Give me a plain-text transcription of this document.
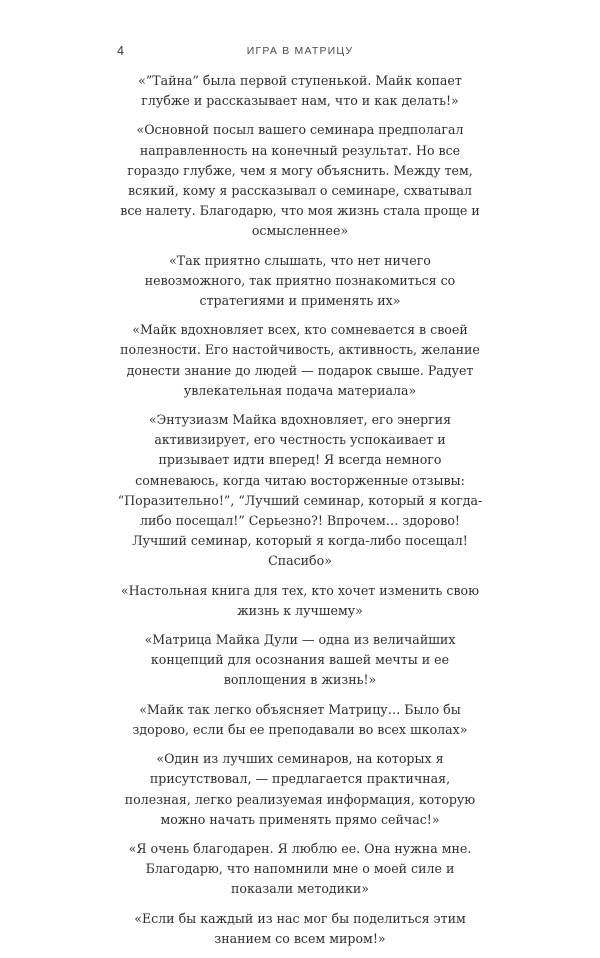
4	ИГРА В МАТРИЦУ

«”Тайна” была первой ступенькой. Майк копает глубже и рассказывает нам, что и как делать!»

«Основной посыл вашего семинара предполагал направленность на конечный результат. Но все гораздо глубже, чем я могу объяснить. Между тем, всякий, кому я рассказывал о семинаре, схватывал все налету. Благодарю, что моя жизнь стала проще и осмысленнее»

«Так приятно слышать, что нет ничего невозможного, так приятно познакомиться со стратегиями и применять их»

«Майк вдохновляет всех, кто сомневается в своей полезности. Его настойчивость, активность, желание донести знание до людей — подарок свыше. Радует увлекательная подача материала»

«Энтузиазм Майка вдохновляет, его энергия активизирует, его честность успокаивает и призывает идти вперед! Я всегда немного сомневаюсь, когда читаю восторженные отзывы: “Поразительно!”, “Лучший семинар, который я когда-либо посещал!” Серьезно?! Впрочем… здорово! Лучший семинар, который я когда-либо посещал! Спасибо»

«Настольная книга для тех, кто хочет изменить свою жизнь к лучшему»

«Матрица Майка Дули — одна из величайших концепций для осознания вашей мечты и ее воплощения в жизнь!»

«Майк так легко объясняет Матрицу… Было бы здорово, если бы ее преподавали во всех школах»

«Один из лучших семинаров, на которых я присутствовал, — предлагается практичная, полезная, легко реализуемая информация, которую можно начать применять прямо сейчас!»

«Я очень благодарен. Я люблю ее. Она нужна мне. Благодарю, что напомнили мне о моей силе и показали методики»

«Если бы каждый из нас мог бы поделиться этим знанием со всем миром!»
